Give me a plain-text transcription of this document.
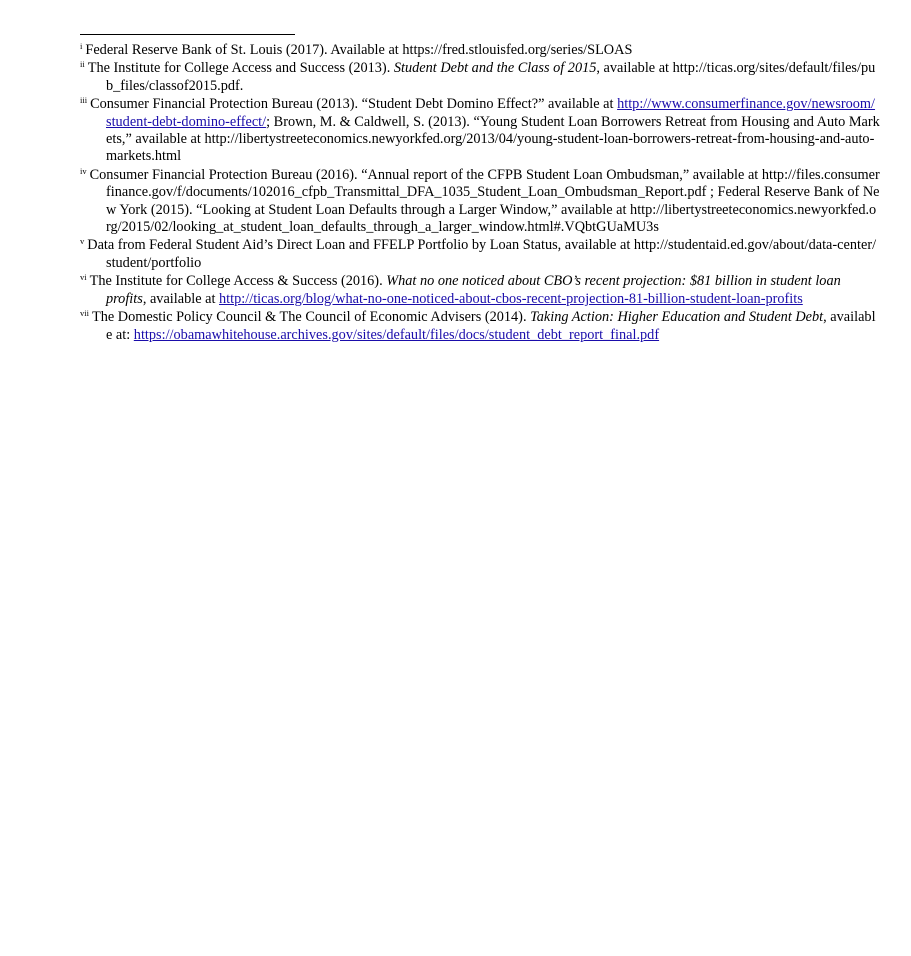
$^i$ Federal Reserve Bank of St. Louis (2017). Available at https://fred.stlouisfed.org/series/SLOAS

$^{ii}$ The Institute for College Access and Success (2013). Student Debt and the Class of 2015, available at http://ticas.org/sites/default/files/pub_files/classof2015.pdf.

$^{iii}$ Consumer Financial Protection Bureau (2013). “Student Debt Domino Effect?” available at http://www.consumerfinance.gov/newsroom/student-debt-domino-effect/; Brown, M. & Caldwell, S. (2013). “Young Student Loan Borrowers Retreat from Housing and Auto Markets,” available at http://libertystreeteconomics.newyorkfed.org/2013/04/young-student-loan-borrowers-retreat-from-housing-and-auto-markets.html

$^{iv}$ Consumer Financial Protection Bureau (2016). “Annual report of the CFPB Student Loan Ombudsman,” available at http://files.consumerfinance.gov/f/documents/102016_cfpb_Transmittal_DFA_1035_Student_Loan_Ombudsman_Report.pdf ; Federal Reserve Bank of New York (2015). “Looking at Student Loan Defaults through a Larger Window,” available at http://libertystreeteconomics.newyorkfed.org/2015/02/looking_at_student_loan_defaults_through_a_larger_window.html#.VQbtGUaMU3s

$^v$ Data from Federal Student Aid’s Direct Loan and FFELP Portfolio by Loan Status, available at http://studentaid.ed.gov/about/data-center/student/portfolio

$^{vi}$ The Institute for College Access & Success (2016). What no one noticed about CBO’s recent projection: $81 billion in student loan profits, available at http://ticas.org/blog/what-no-one-noticed-about-cbos-recent-projection-81-billion-student-loan-profits

$^{vii}$ The Domestic Policy Council & The Council of Economic Advisers (2014). Taking Action: Higher Education and Student Debt, available at: https://obamawhitehouse.archives.gov/sites/default/files/docs/student_debt_report_final.pdf
